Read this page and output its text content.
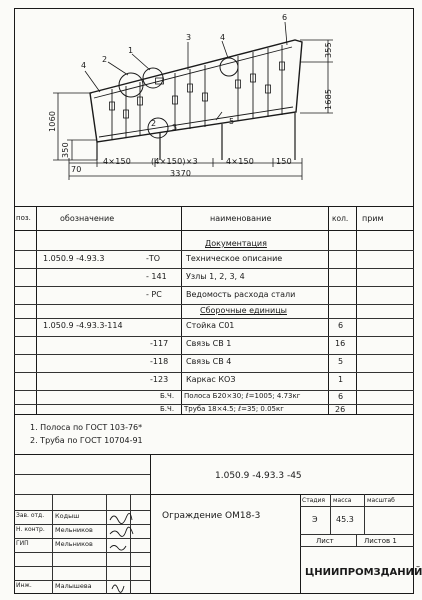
4
2
1
3	4
6
3
5
2
355
1685
1060
350
70
4×150 (4×150)×3	4×150	150
3370
поз.	обозначение	наименование	кол. прим
Документация
1.050.9 -4.93.3	-ТО	Техническое описание
- 141 Узлы 1, 2, 3, 4
- РС	Ведомость расхода стали
Сборочные единицы
1.050.9 -4.93.3-114	Стойка С01	6
-117 Связь СВ 1	16
-118 Связь СВ 4	5
-123 Каркас КОЗ	1
Б.Ч. Полоса Б20×30; ℓ=1005; 4.73кг	6
Б.Ч. Труба 18×4.5; ℓ=35; 0.05кг	26
1. Полоса по ГОСТ 103-76*
2. Труба по ГОСТ 10704-91
1.050.9 -4.93.3 -45
Стадия масса	масштаб
Э 45.3
Лист	Листов 1
Ограждение ОМ18-3
ЦНИИПРОМЗДАНИЙ
Зав. отд. Кодыш
Н. контр. Мельников
ГИП	Мельников
Инж.	Малышева
